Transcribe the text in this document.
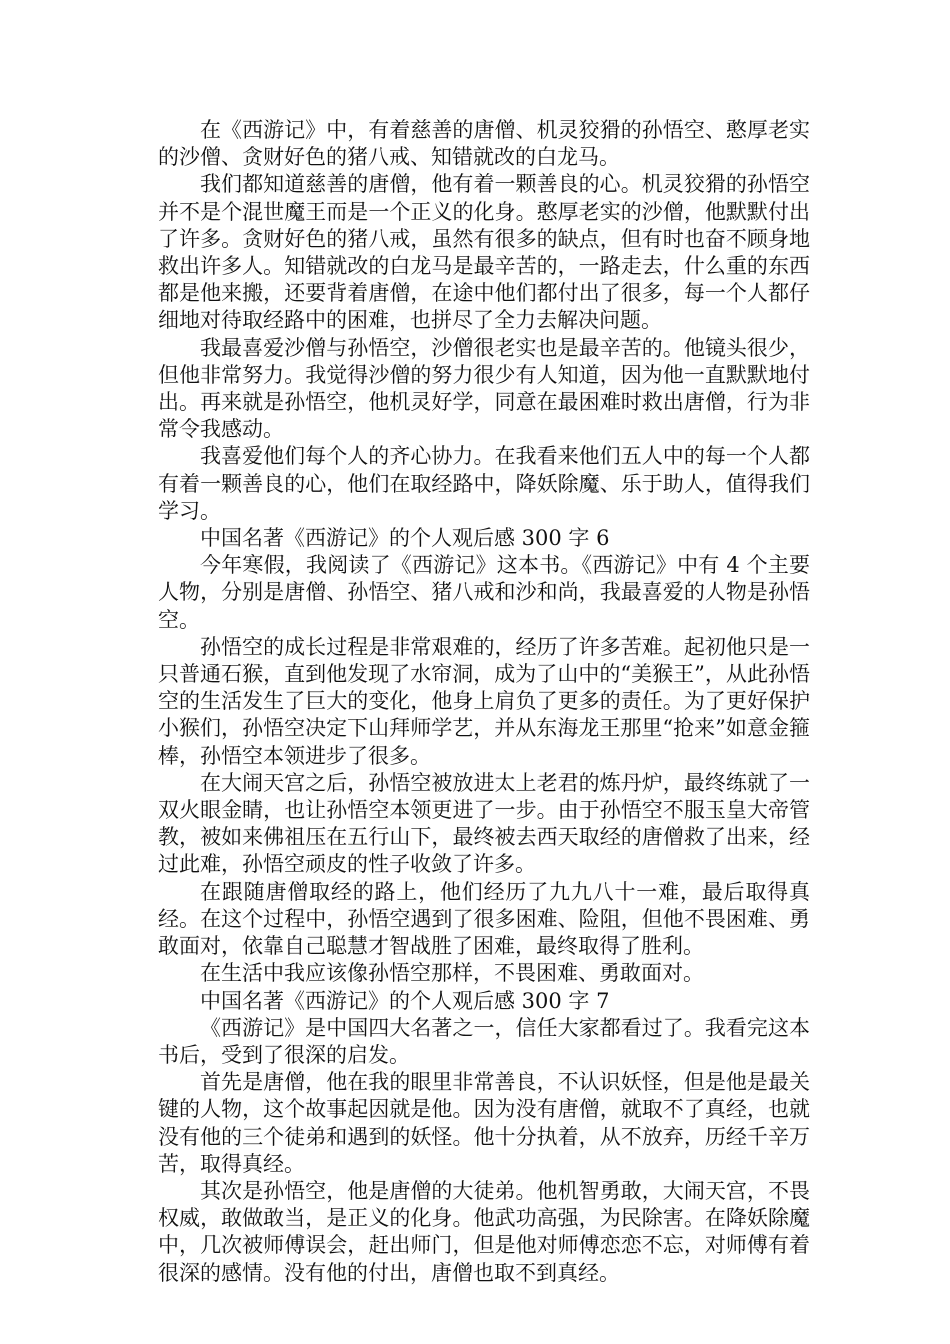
在《西游记》中，有着慈善的唐僧、机灵狡猾的孙悟空、憨厚老实的沙僧、贪财好色的猪八戒、知错就改的白龙马。

我们都知道慈善的唐僧，他有着一颗善良的心。机灵狡猾的孙悟空并不是个混世魔王而是一个正义的化身。憨厚老实的沙僧，他默默付出了许多。贪财好色的猪八戒，虽然有很多的缺点，但有时也奋不顾身地救出许多人。知错就改的白龙马是最辛苦的，一路走去，什么重的东西都是他来搬，还要背着唐僧，在途中他们都付出了很多，每一个人都仔细地对待取经路中的困难，也拼尽了全力去解决问题。

我最喜爱沙僧与孙悟空，沙僧很老实也是最辛苦的。他镜头很少，但他非常努力。我觉得沙僧的努力很少有人知道，因为他一直默默地付出。再来就是孙悟空，他机灵好学，同意在最困难时救出唐僧，行为非常令我感动。

我喜爱他们每个人的齐心协力。在我看来他们五人中的每一个人都有着一颗善良的心，他们在取经路中，降妖除魔、乐于助人，值得我们学习。

中国名著《西游记》的个人观后感 300 字 6

今年寒假，我阅读了《西游记》这本书。《西游记》中有 4 个主要人物，分别是唐僧、孙悟空、猪八戒和沙和尚，我最喜爱的人物是孙悟空。

孙悟空的成长过程是非常艰难的，经历了许多苦难。起初他只是一只普通石猴，直到他发现了水帘洞，成为了山中的“美猴王”，从此孙悟空的生活发生了巨大的变化，他身上肩负了更多的责任。为了更好保护小猴们，孙悟空决定下山拜师学艺，并从东海龙王那里“抢来”如意金箍棒，孙悟空本领进步了很多。

在大闹天宫之后，孙悟空被放进太上老君的炼丹炉，最终练就了一双火眼金睛，也让孙悟空本领更进了一步。由于孙悟空不服玉皇大帝管教，被如来佛祖压在五行山下，最终被去西天取经的唐僧救了出来，经过此难，孙悟空顽皮的性子收敛了许多。

在跟随唐僧取经的路上，他们经历了九九八十一难，最后取得真经。在这个过程中，孙悟空遇到了很多困难、险阻，但他不畏困难、勇敢面对，依靠自己聪慧才智战胜了困难，最终取得了胜利。

在生活中我应该像孙悟空那样，不畏困难、勇敢面对。

中国名著《西游记》的个人观后感 300 字 7

《西游记》是中国四大名著之一，信任大家都看过了。我看完这本书后，受到了很深的启发。

首先是唐僧，他在我的眼里非常善良，不认识妖怪，但是他是最关键的人物，这个故事起因就是他。因为没有唐僧，就取不了真经，也就没有他的三个徒弟和遇到的妖怪。他十分执着，从不放弃，历经千辛万苦，取得真经。

其次是孙悟空，他是唐僧的大徒弟。他机智勇敢，大闹天宫，不畏权威，敢做敢当，是正义的化身。他武功高强，为民除害。在降妖除魔中，几次被师傅误会，赶出师门，但是他对师傅恋恋不忘，对师傅有着很深的感情。没有他的付出，唐僧也取不到真经。
